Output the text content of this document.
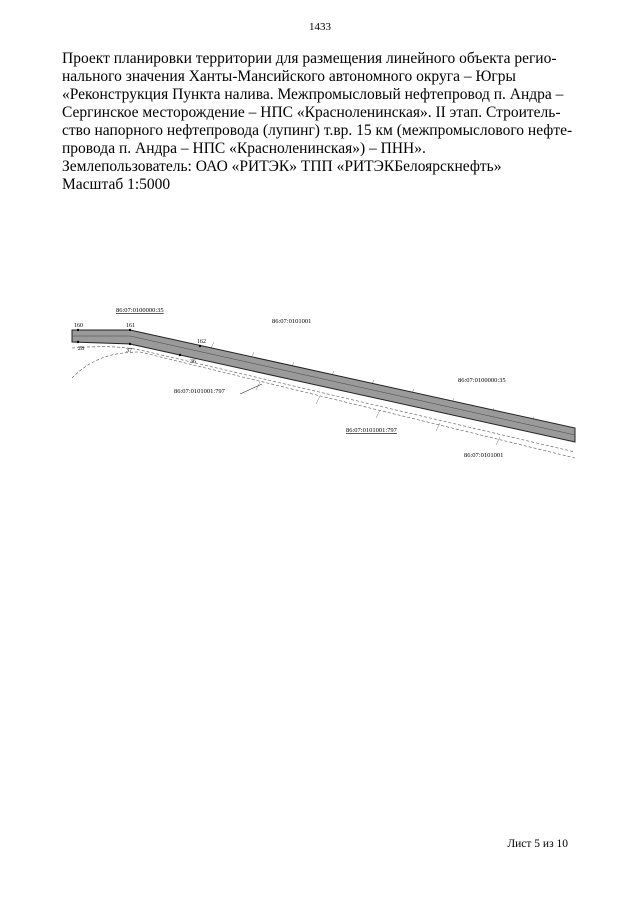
1433
Проект планировки территории для размещения линейного объекта регио-
нального значения Ханты-Мансийского автономного округа – Югры
«Реконструкция Пункта налива. Межпромысловый нефтепровод п. Андра –
Сергинское месторождение – НПС «Красноленинская». II этап. Строитель-
ство напорного нефтепровода (лупинг) т.вр. 15 км (межпромыслового нефте-
провода п. Андра – НПС «Красноленинская») – ПНН».
Землепользователь: ОАО «РИТЭК» ТПП «РИТЭКБелоярскнефть»
Масштаб 1:5000
160	161
162
28	37
36
86:07:0100000:35
86:07:0101001
86:07:0101001:797
86:07:0100000:35
86:07:0101001:797
86:07:0101001
Лист 5 из 10
